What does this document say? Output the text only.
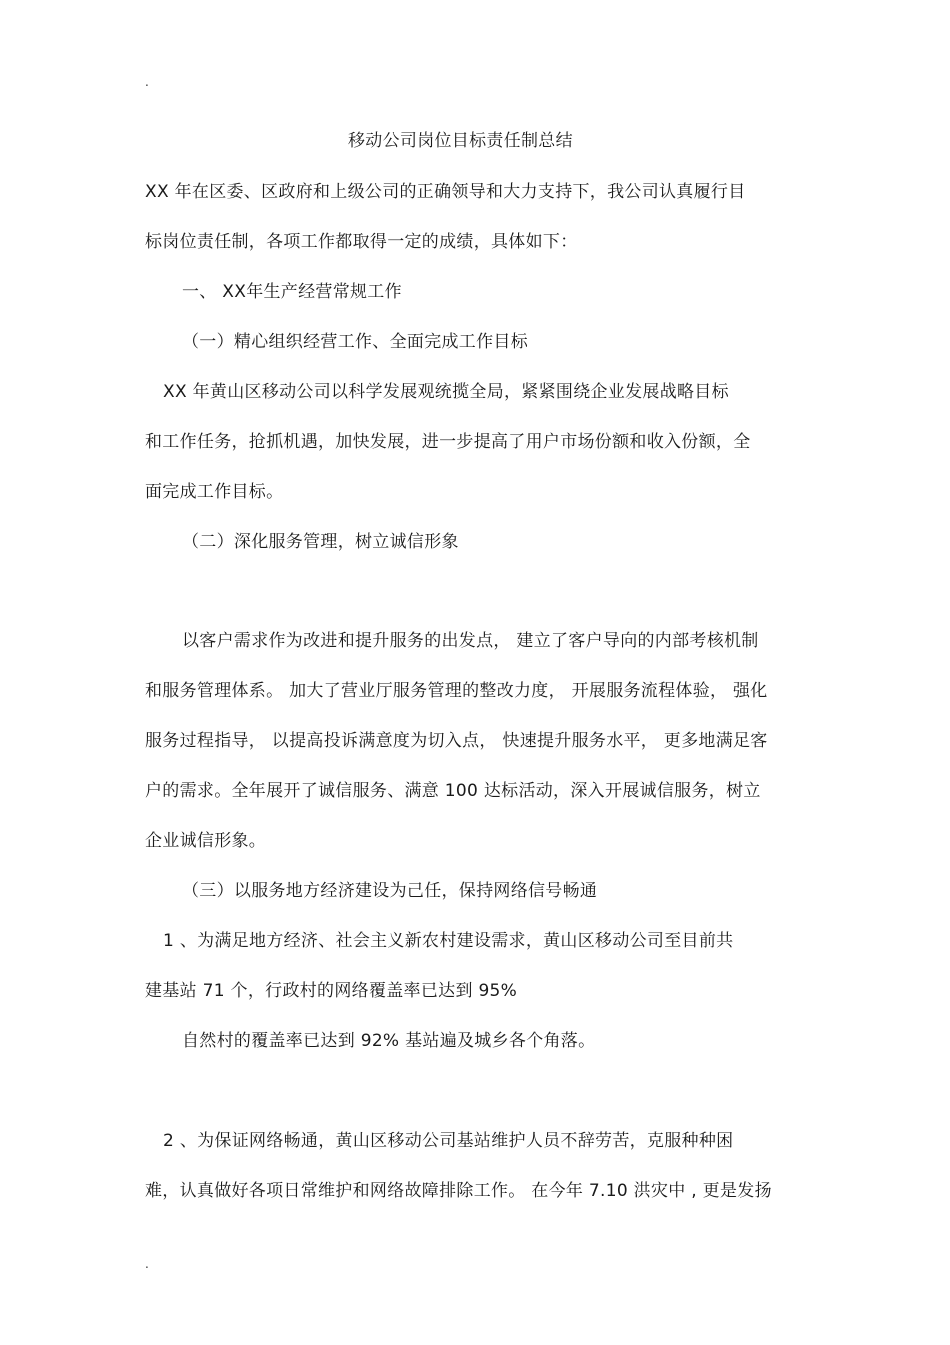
.
移动公司岗位目标责任制总结
XX 年在区委、区政府和上级公司的正确领导和大力支持下，我公司认真履行目
标岗位责任制，各项工作都取得一定的成绩，具体如下：
一、 XX年生产经营常规工作
（一）精心组织经营工作、全面完成工作目标
XX 年黄山区移动公司以科学发展观统揽全局，紧紧围绕企业发展战略目标
和工作任务，抢抓机遇，加快发展，进一步提高了用户市场份额和收入份额，全
面完成工作目标。
（二）深化服务管理，树立诚信形象
以客户需求作为改进和提升服务的出发点， 建立了客户导向的内部考核机制
和服务管理体系。 加大了营业厅服务管理的整改力度， 开展服务流程体验， 强化
服务过程指导， 以提高投诉满意度为切入点， 快速提升服务水平， 更多地满足客
户的需求。全年展开了诚信服务、满意 100 达标活动，深入开展诚信服务，树立
企业诚信形象。
（三）以服务地方经济建设为己任，保持网络信号畅通
1 、为满足地方经济、社会主义新农村建设需求，黄山区移动公司至目前共
建基站 71 个，行政村的网络覆盖率已达到 95%
自然村的覆盖率已达到 92% 基站遍及城乡各个角落。
2 、为保证网络畅通，黄山区移动公司基站维护人员不辞劳苦，克服种种困
难，认真做好各项日常维护和网络故障排除工作。 在今年 7.10 洪灾中 , 更是发扬
.
